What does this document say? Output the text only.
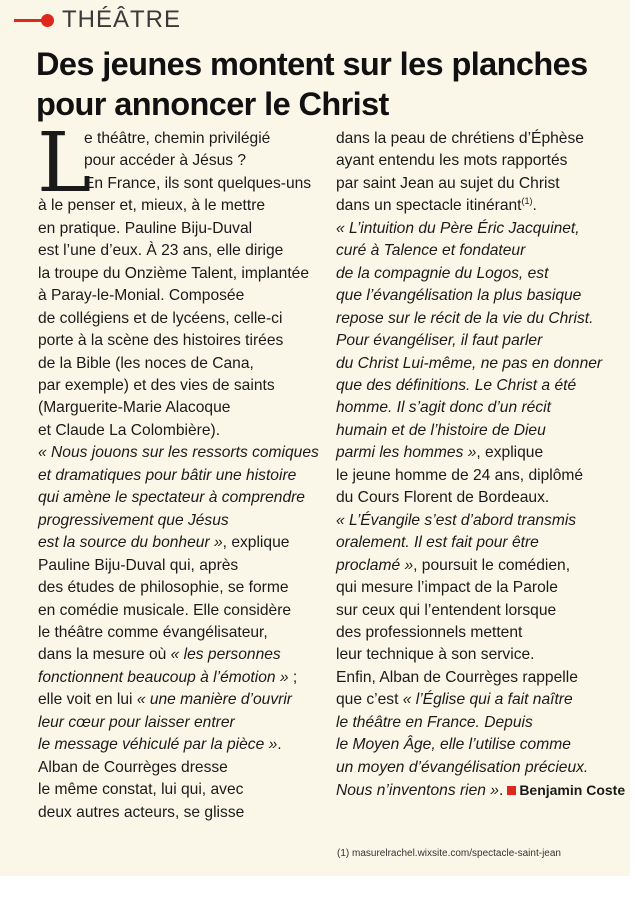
THÉÂTRE
Des jeunes montent sur les planches
pour annoncer le Christ
L
e théâtre, chemin privilégié
pour accéder à Jésus ?
En France, ils sont quelques-uns
à le penser et, mieux, à le mettre
en pratique. Pauline Biju-Duval
est l’une d’eux. À 23 ans, elle dirige
la troupe du Onzième Talent, implantée
à Paray-le-Monial. Composée
de collégiens et de lycéens, celle-ci
porte à la scène des histoires tirées
de la Bible (les noces de Cana,
par exemple) et des vies de saints
(Marguerite-Marie Alacoque
et Claude La Colombière).
« Nous jouons sur les ressorts comiques
et dramatiques pour bâtir une histoire
qui amène le spectateur à comprendre
progressivement que Jésus
est la source du bonheur », explique
Pauline Biju-Duval qui, après
des études de philosophie, se forme
en comédie musicale. Elle considère
le théâtre comme évangélisateur,
dans la mesure où « les personnes
fonctionnent beaucoup à l’émotion » ;
elle voit en lui « une manière d’ouvrir
leur cœur pour laisser entrer
le message véhiculé par la pièce ».
Alban de Courrèges dresse
le même constat, lui qui, avec
deux autres acteurs, se glisse
dans la peau de chrétiens d’Éphèse
ayant entendu les mots rapportés
par saint Jean au sujet du Christ
dans un spectacle itinérant$^{(1)}$.
« L’intuition du Père Éric Jacquinet,
curé à Talence et fondateur
de la compagnie du Logos, est
que l’évangélisation la plus basique
repose sur le récit de la vie du Christ.
Pour évangéliser, il faut parler
du Christ Lui-même, ne pas en donner
que des définitions. Le Christ a été
homme. Il s’agit donc d’un récit
humain et de l’histoire de Dieu
parmi les hommes », explique
le jeune homme de 24 ans, diplômé
du Cours Florent de Bordeaux.
« L’Évangile s’est d’abord transmis
oralement. Il est fait pour être
proclamé », poursuit le comédien,
qui mesure l’impact de la Parole
sur ceux qui l’entendent lorsque
des professionnels mettent
leur technique à son service.
Enfin, Alban de Courrèges rappelle
que c’est « l’Église qui a fait naître
le théâtre en France. Depuis
le Moyen Âge, elle l’utilise comme
un moyen d’évangélisation précieux.
Nous n’inventons rien ». Benjamin Coste
(1) masurelrachel.wixsite.com/spectacle-saint-jean
